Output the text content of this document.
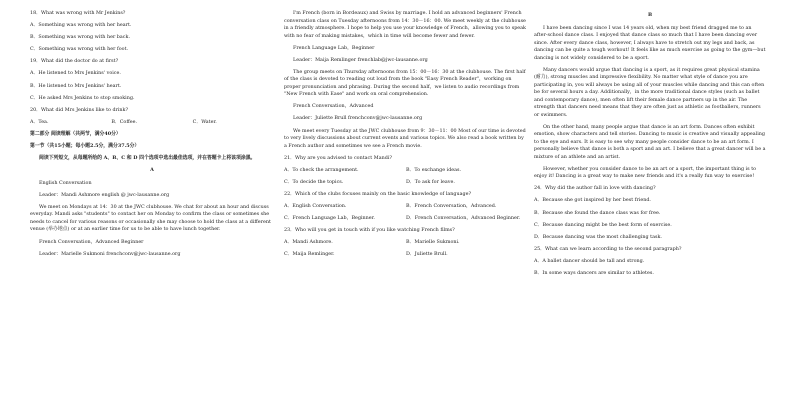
18．What was wrong with Mr Jenkins?

A．Something was wrong with her heart.

B．Something was wrong with her back.

C．Something was wrong with her foot.

19．What did the doctor do at first?

A．He listened to Mrs Jenkins' voice.

B．He listened to Mrs Jenkins' heart.

C．He asked Mrs Jenkins to stop smoking.

20．What did Mrs Jenkins like to drink?

A．Tea.	B．Coffee.	C．Water.

第二部分 阅读理解（共两节，满分40分）

第一节（共15小题；每小题2.5分，满分37.5分）

阅读下列短文，从每题所给的 A、B、C 和 D 四个选项中选出最佳选项，并在答题卡上将该项涂黑。

A

English Conversation

Leader：Mandi Ashmore english @ jwc-lausanne.org

We meet on Mondays at 14：30 at the JWC clubhouse. We chat for about an hour and discuss everyday. Mandi asks "students" to contact her on Monday to confirm the class or sometimes she needs to cancel for various reasons or occasionally she may choose to hold the class at a different venue (举办地点) or at an earlier time for us to be able to have lunch together.

French Conversation，Advanced Beginner

Leader：Marielle Sukmoni frenchconv@jwc-lausanne.org

I'm French (born in Bordeaux) and Swiss by marriage. I hold an advanced beginners' French conversation class on Tuesday afternoons from 14：30－16：00. We meet weekly at the clubhouse in a friendly atmosphere. I hope to help you use your knowledge of French，allowing you to speak with no fear of making mistakes，which in time will become fewer and fewer.

French Language Lab，Beginner

Leader：Maija Remlinger frenchlab@jwc-lausanne.org

The group meets on Thursday afternoons from 15：00－16：30 at the clubhouse. The first half of the class is devoted to reading out loud from the book "Easy French Reader"，working on proper pronunciation and phrasing. During the second half，we listen to audio recordings from "New French with Ease" and work on oral comprehension.

French Conversation，Advanced

Leader：Juliette Brull frenchconv@jwc-lausanne.org

We meet every Tuesday at the JWC clubhouse from 9：30－11：00 Most of our time is devoted to very lively discussions about current events and various topics. We also read a book written by a French author and sometimes we see a French movie.

21．Why are you advised to contact Mandi?

A．To check the arrangement.	B．To exchange ideas.
C．To decide the topics.	D．To ask for leave.

22．Which of the clubs focuses mainly on the basic knowledge of language?

A．English Conversation.	B．French Conversation，Advanced.
C．French Language Lab，Beginner.	D．French Conversation，Advanced Beginner.

23．Who will you get in touch with if you like watching French films?

A．Mandi Ashmore.	B．Marielle Sukmoni.
C．Maija Remlinger.	D．Juliette Brull.

B

I have been dancing since I was 14 years old, when my best friend dragged me to an after-school dance class. I enjoyed that dance class so much that I have been dancing ever since. After every dance class, however, I always have to stretch out my legs and back, as dancing can be quite a tough workout! It feels like as much exercise as going to the gym—but dancing is not widely considered to be a sport.

Many dancers would argue that dancing is a sport, as it requires great physical stamina (耐力), strong muscles and impressive flexibility. No matter what style of dance you are participating in, you will always be using all of your muscles while dancing and this can often be for several hours a day. Additionally，in the more traditional dance styles (such as ballet and contemporary dance), men often lift their female dance partners up in the air. The strength that dancers need means that they are often just as athletic as footballers, runners or swimmers.

On the other hand, many people argue that dance is an art form. Dances often exhibit emotion, show characters and tell stories. Dancing to music is creative and visually appealing to the eye and ears. It is easy to see why many people consider dance to be an art form. I personally believe that dance is both a sport and an art. I believe that a great dancer will be a mixture of an athlete and an artist.

However, whether you consider dance to be an art or a sport, the important thing is to enjoy it! Dancing is a great way to make new friends and it's a really fun way to exercise!

24．Why did the author fall in love with dancing?

A．Because she got inspired by her best friend.

B．Because she found the dance class was for free.

C．Because dancing might be the best form of exercise.

D．Because dancing was the most challenging task.

25．What can we learn according to the second paragraph?

A．A ballet dancer should be tall and strong.

B．In some ways dancers are similar to athletes.
